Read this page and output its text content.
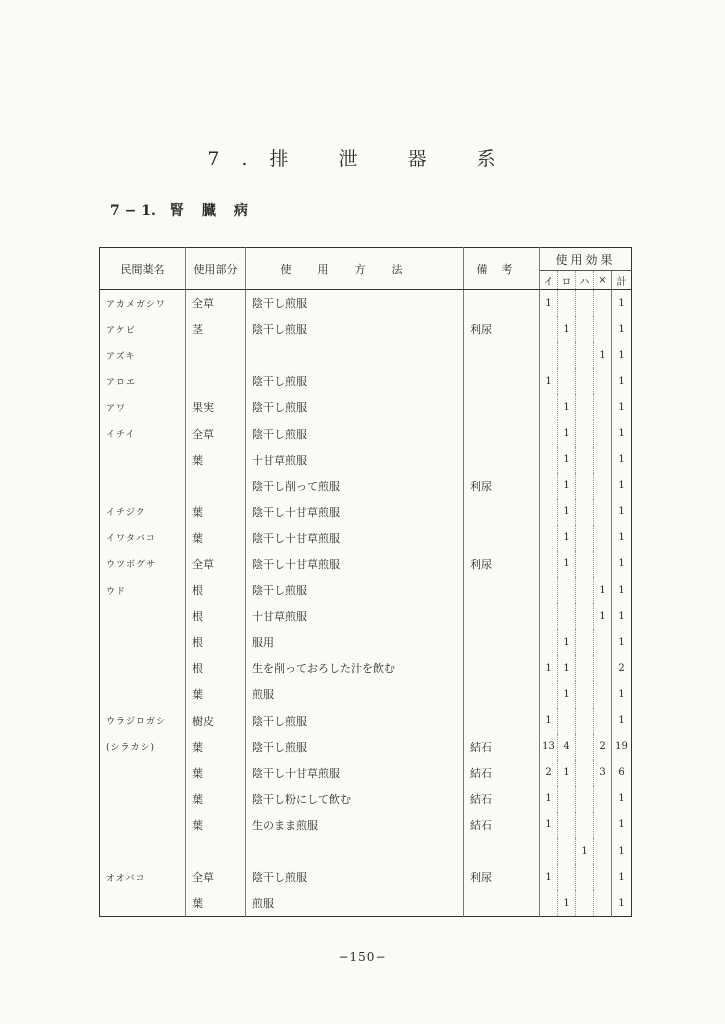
7.排 泄 器 系
7 − 1. 腎臓病
民間薬名	使用部分	使用方法	備考	使用効果				
				イ	ロ	ハ	×	計
アカメガシワ	全草	陰干し煎服		1				1
アケビ	茎	陰干し煎服	利尿		1			1
アズキ							1	1
アロエ		陰干し煎服		1				1
アワ	果実	陰干し煎服			1			1
イチイ	全草	陰干し煎服			1			1
	葉	十甘草煎服			1			1
		陰干し削って煎服	利尿		1			1
イチジク	葉	陰干し十甘草煎服			1			1
イワタバコ	葉	陰干し十甘草煎服			1			1
ウツボグサ	全草	陰干し十甘草煎服	利尿		1			1
ウド	根	陰干し煎服					1	1
	根	十甘草煎服					1	1
	根	服用			1			1
	根	生を削っておろした汁を飲む		1	1			2
	葉	煎服			1			1
ウラジロガシ	樹皮	陰干し煎服		1				1
(シラカシ)	葉	陰干し煎服	結石	13	4		2	19
	葉	陰干し十甘草煎服	結石	2	1		3	6
	葉	陰干し粉にして飲む	結石	1				1
	葉	生のまま煎服	結石	1				1
						1		1
オオバコ	全草	陰干し煎服	利尿	1				1
	葉	煎服			1			1
−150−
